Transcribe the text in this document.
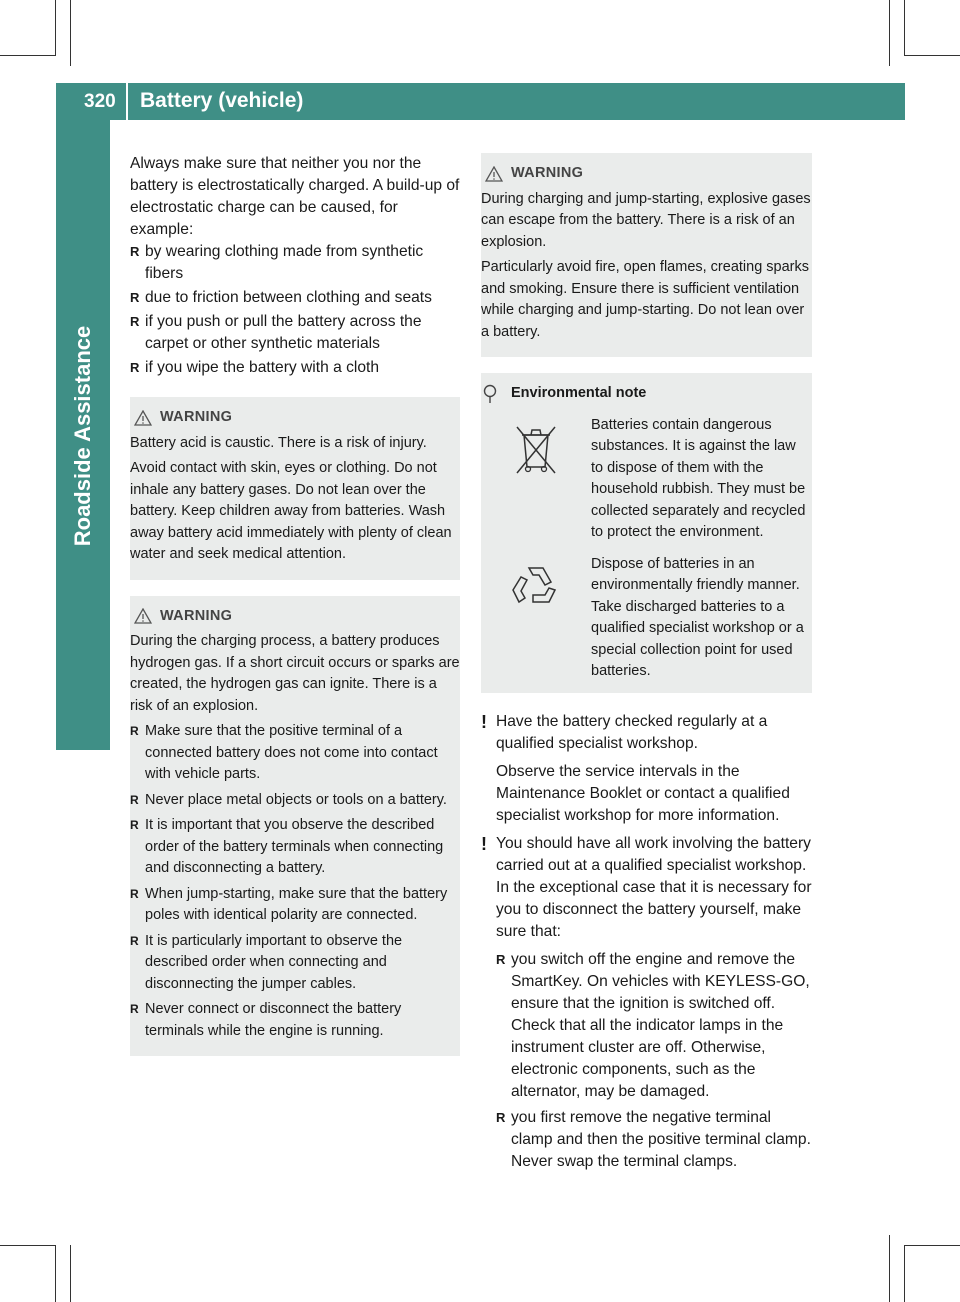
320 Battery (vehicle)
Roadside Assistance

Always make sure that neither you nor the battery is electrostatically charged. A build-up of electrostatic charge can be caused, for example:

R by wearing clothing made from synthetic fibers
R due to friction between clothing and seats
R if you push or pull the battery across the carpet or other synthetic materials
R if you wipe the battery with a cloth
WARNING

Battery acid is caustic. There is a risk of injury.

Avoid contact with skin, eyes or clothing. Do not inhale any battery gases. Do not lean over the battery. Keep children away from batteries. Wash away battery acid immediately with plenty of clean water and seek medical attention.

WARNING

During the charging process, a battery produces hydrogen gas. If a short circuit occurs or sparks are created, the hydrogen gas can ignite. There is a risk of an explosion.

R Make sure that the positive terminal of a connected battery does not come into contact with vehicle parts.
R Never place metal objects or tools on a battery.
R It is important that you observe the described order of the battery terminals when connecting and disconnecting a battery.
R When jump-starting, make sure that the battery poles with identical polarity are connected.
R It is particularly important to observe the described order when connecting and disconnecting the jumper cables.
R Never connect or disconnect the battery terminals while the engine is running.
WARNING

During charging and jump-starting, explosive gases can escape from the battery. There is a risk of an explosion.

Particularly avoid fire, open flames, creating sparks and smoking. Ensure there is sufficient ventilation while charging and jump-starting. Do not lean over a battery.

Environmental note
Batteries contain dangerous substances. It is against the law to dispose of them with the household rubbish. They must be collected separately and recycled to protect the environment.
Dispose of batteries in an environmentally friendly manner. Take discharged batteries to a qualified specialist workshop or a special collection point for used batteries.
! Have the battery checked regularly at a qualified specialist workshop.

Observe the service intervals in the Maintenance Booklet or contact a qualified specialist workshop for more information.

! You should have all work involving the battery carried out at a qualified specialist workshop. In the exceptional case that it is necessary for you to disconnect the battery yourself, make sure that:

R you switch off the engine and remove the SmartKey. On vehicles with KEYLESS-GO, ensure that the ignition is switched off. Check that all the indicator lamps in the instrument cluster are off. Otherwise, electronic components, such as the alternator, may be damaged.
R you first remove the negative terminal clamp and then the positive terminal clamp. Never swap the terminal clamps.
